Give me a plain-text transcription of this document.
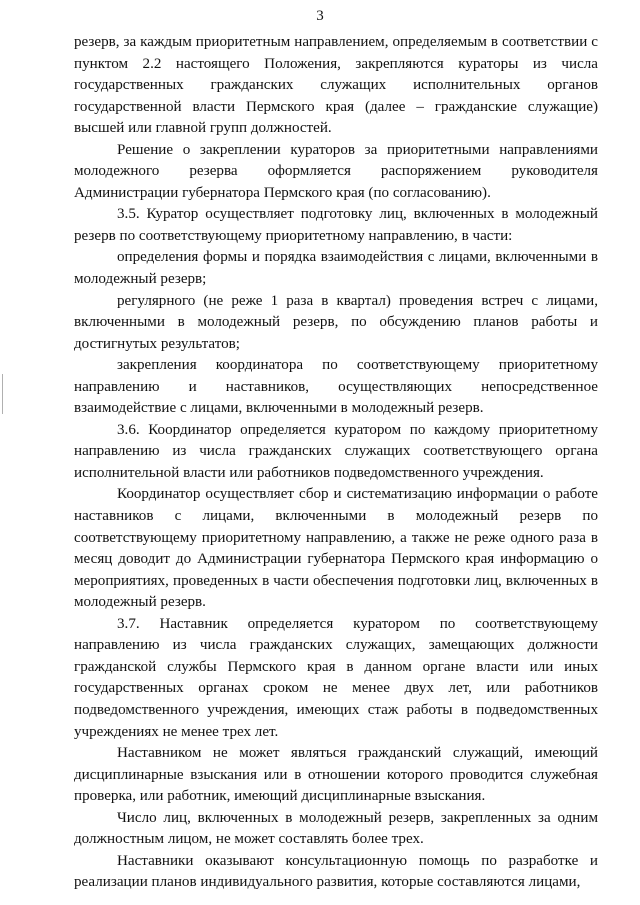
3

резерв, за каждым приоритетным направлением, определяемым в соответствии с пунктом 2.2 настоящего Положения, закрепляются кураторы из числа государственных гражданских служащих исполнительных органов государственной власти Пермского края (далее – гражданские служащие) высшей или главной групп должностей.

Решение о закреплении кураторов за приоритетными направлениями молодежного резерва оформляется распоряжением руководителя Администрации губернатора Пермского края (по согласованию).

3.5. Куратор осуществляет подготовку лиц, включенных в молодежный резерв по соответствующему приоритетному направлению, в части:

определения формы и порядка взаимодействия с лицами, включенными в молодежный резерв;

регулярного (не реже 1 раза в квартал) проведения встреч с лицами, включенными в молодежный резерв, по обсуждению планов работы и достигнутых результатов;

закрепления координатора по соответствующему приоритетному направлению и наставников, осуществляющих непосредственное взаимодействие с лицами, включенными в молодежный резерв.

3.6. Координатор определяется куратором по каждому приоритетному направлению из числа гражданских служащих соответствующего органа исполнительной власти или работников подведомственного учреждения.

Координатор осуществляет сбор и систематизацию информации о работе наставников с лицами, включенными в молодежный резерв по соответствующему приоритетному направлению, а также не реже одного раза в месяц доводит до Администрации губернатора Пермского края информацию о мероприятиях, проведенных в части обеспечения подготовки лиц, включенных в молодежный резерв.

3.7. Наставник определяется куратором по соответствующему направлению из числа гражданских служащих, замещающих должности гражданской службы Пермского края в данном органе власти или иных государственных органах сроком не менее двух лет, или работников подведомственного учреждения, имеющих стаж работы в подведомственных учреждениях не менее трех лет.

Наставником не может являться гражданский служащий, имеющий дисциплинарные взыскания или в отношении которого проводится служебная проверка, или работник, имеющий дисциплинарные взыскания.

Число лиц, включенных в молодежный резерв, закрепленных за одним должностным лицом, не может составлять более трех.

Наставники оказывают консультационную помощь по разработке и реализации планов индивидуального развития, которые составляются лицами,
